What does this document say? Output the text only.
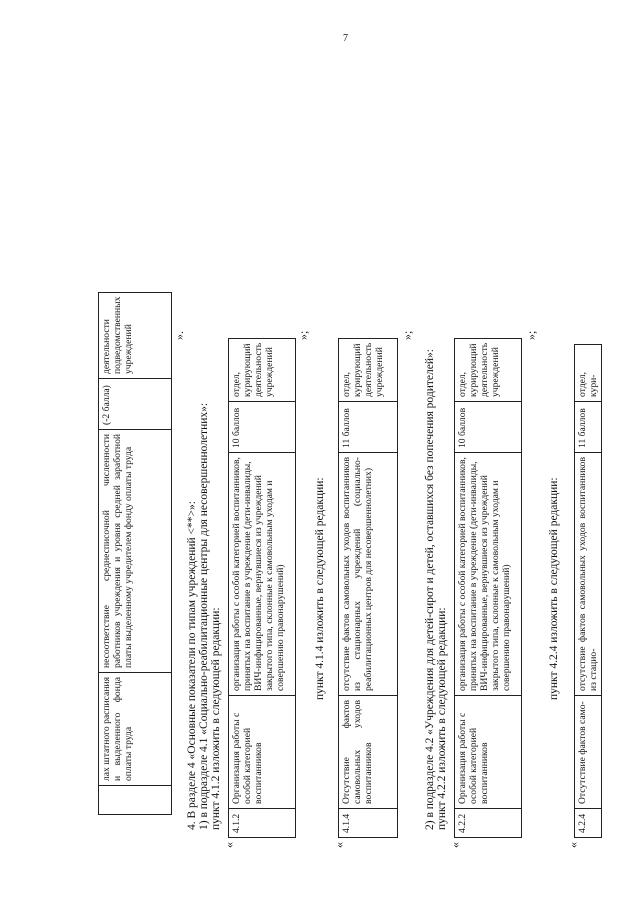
7
	лах штатного расписания и выделенного фонда оплаты труда	несоответствие среднесписочной численности работников учреждения и уровня средней заработной платы выделенному учредителем фонду оплаты труда	(-2 балла)	деятельности подведомственных учреждений	».
4. В разделе 4 «Основные показатели по типам учреждений <**>»: 1) в подразделе 4.1 «Социально-реабилитационные центры для несовершеннолетних»: пункт 4.1.2 изложить в следующей редакции:
«
4.1.2	Организация работы с особой категорией воспитанников	организация работы с особой категорией воспитанников, принятых на воспитание в учреждение (дети-инвалиды, ВИЧ-инфицированные, вернувшиеся из учреждений закрытого типа, склонные к самовольным уходам и совершению правонарушений)	10 баллов	отдел, курирующий деятельность учреждений
»;
пункт 4.1.4 изложить в следующей редакции:
«
4.1.4	Отсутствие фактов самовольных уходов воспитанников	отсутствие фактов самовольных уходов воспитанников из стационарных учреждений (социально-реабилитационных центров для несовершеннолетних)	11 баллов	отдел, курирующий деятельность учреждений
»;
2) в подразделе 4.2 «Учреждения для детей-сирот и детей, оставшихся без попечения родителей»: пункт 4.2.2 изложить в следующей редакции:
«
4.2.2	Организация работы с особой категорией воспитанников	организация работы с особой категорией воспитанников, принятых на воспитание в учреждение (дети-инвалиды, ВИЧ-инфицированные, вернувшиеся из учреждений закрытого типа, склонные к самовольным уходам и совершению правонарушений)	10 баллов	отдел, курирующий деятельность учреждений
»;
пункт 4.2.4 изложить в следующей редакции:
«
4.2.4	Отсутствие фактов само-	отсутствие фактов самовольных уходов воспитанников из стацио-	11 баллов	отдел, кури-
